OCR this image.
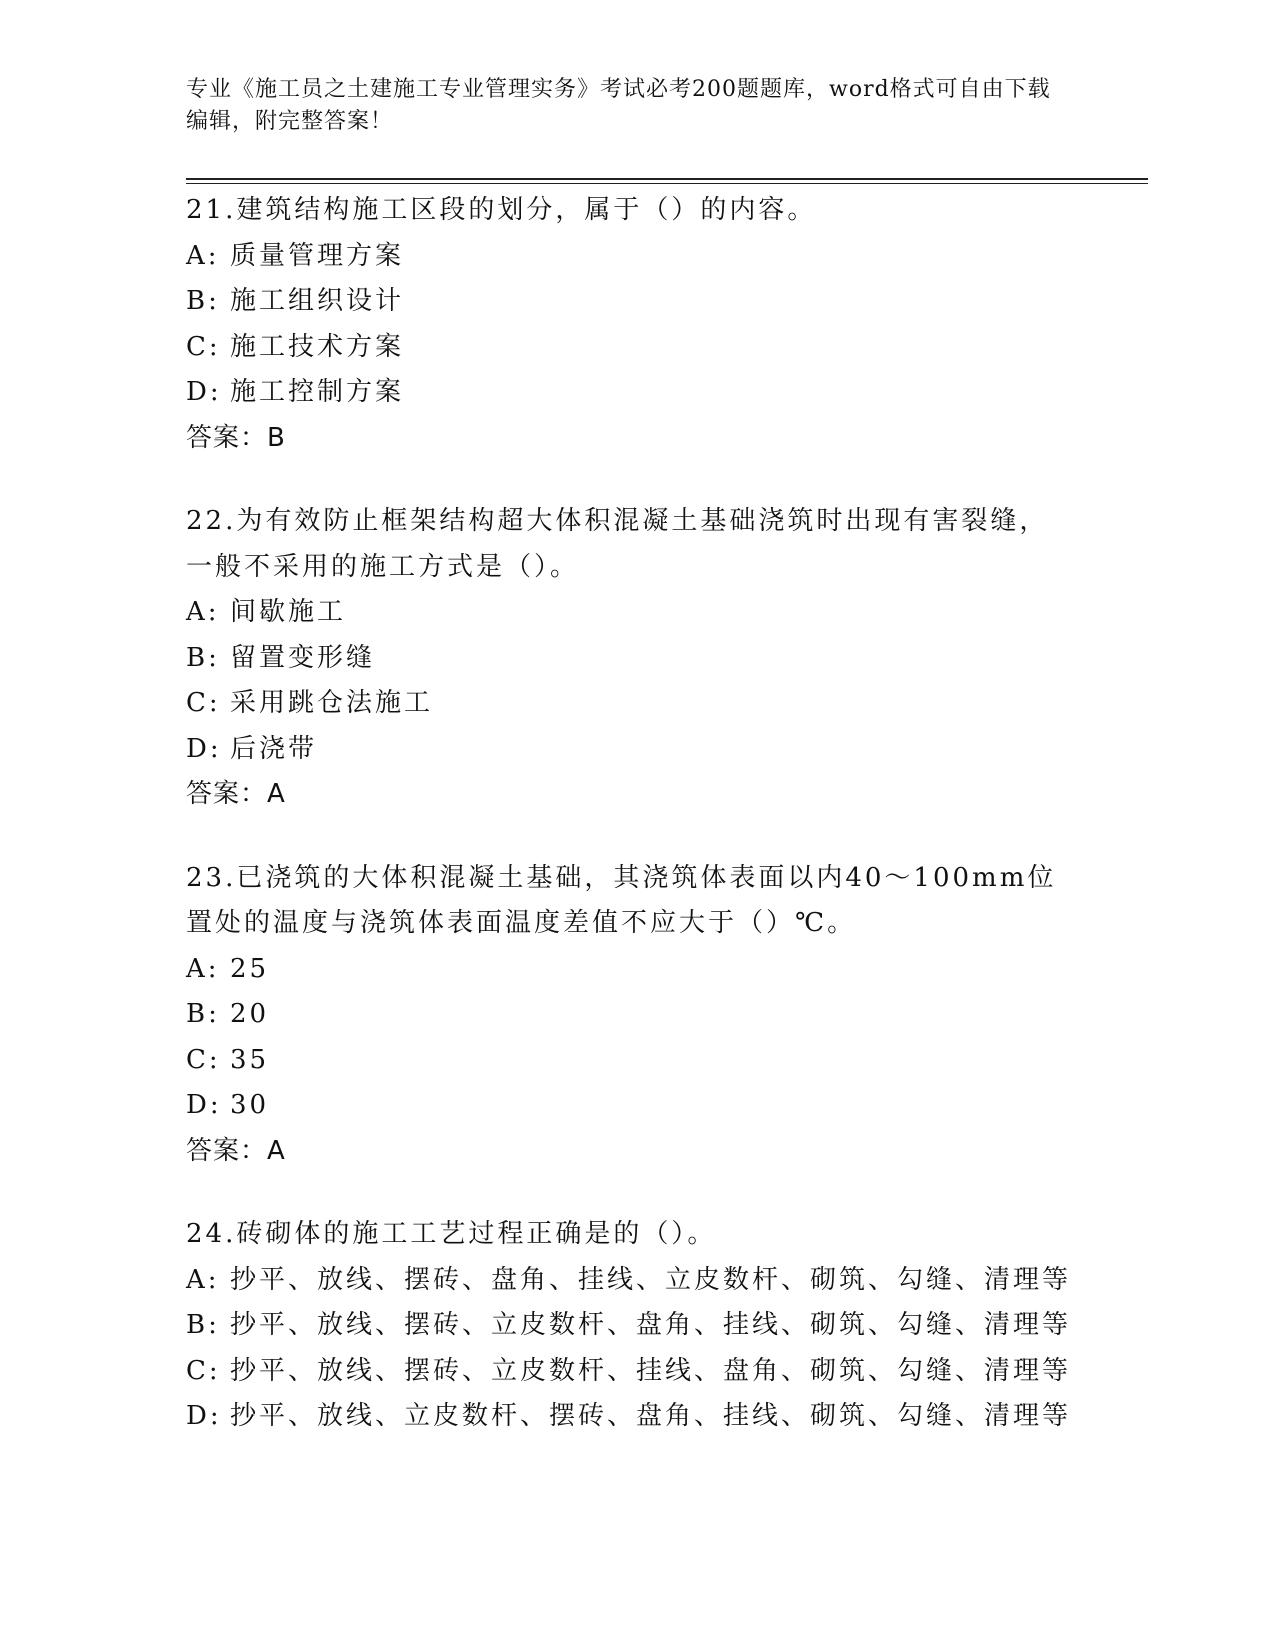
专业《施工员之土建施工专业管理实务》考试必考200题题库，word格式可自由下载编辑，附完整答案！
21.建筑结构施工区段的划分，属于（）的内容。
A: 质量管理方案
B: 施工组织设计
C: 施工技术方案
D: 施工控制方案
答案：B
22.为有效防止框架结构超大体积混凝土基础浇筑时出现有害裂缝，一般不采用的施工方式是（）。
A: 间歇施工
B: 留置变形缝
C: 采用跳仓法施工
D: 后浇带
答案：A
23.已浇筑的大体积混凝土基础，其浇筑体表面以内40～100mm位置处的温度与浇筑体表面温度差值不应大于（）℃。
A: 25
B: 20
C: 35
D: 30
答案：A
24.砖砌体的施工工艺过程正确是的（）。
A: 抄平、放线、摆砖、盘角、挂线、立皮数杆、砌筑、勾缝、清理等
B: 抄平、放线、摆砖、立皮数杆、盘角、挂线、砌筑、勾缝、清理等
C: 抄平、放线、摆砖、立皮数杆、挂线、盘角、砌筑、勾缝、清理等
D: 抄平、放线、立皮数杆、摆砖、盘角、挂线、砌筑、勾缝、清理等
